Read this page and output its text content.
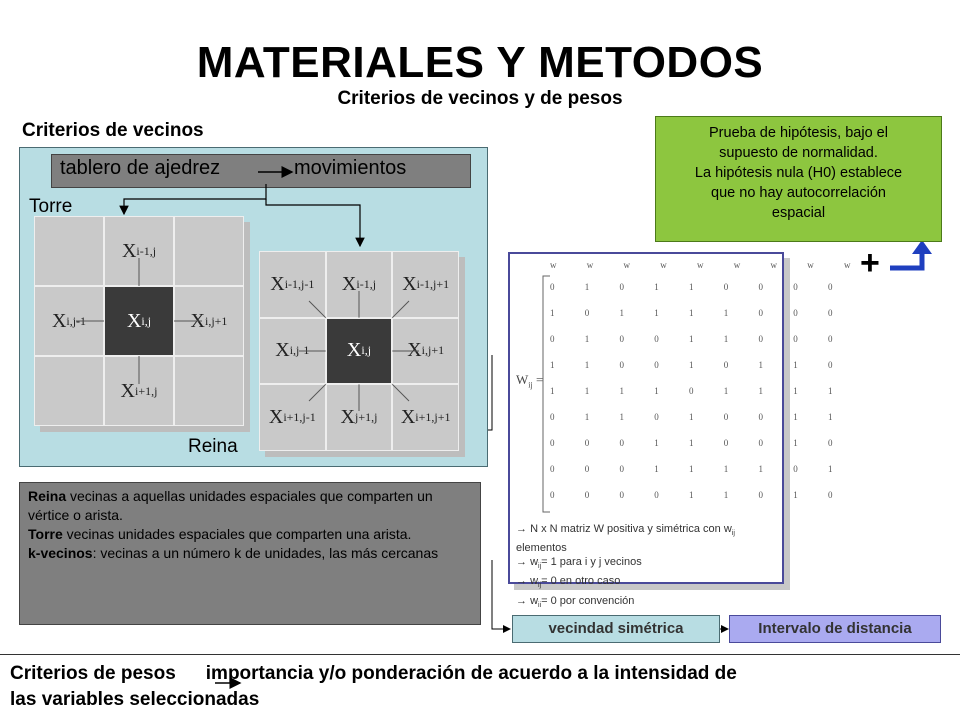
MATERIALES Y METODOS
Criterios de vecinos y de pesos
Criterios de vecinos
tablero de ajedrez	movimientos
X i-1,j
X i,j-1 X i,j X i,j+1
X i+1,j
X i-1,j-1 X i-1,j X i-1,j+1
X i,j-1 X i,j X i,j+1
X i+1,j-1 X j+1,j X i+1,j+1
Torre
Reina
Prueba de hipótesis, bajo el
supuesto de normalidad.
La hipótesis nula (H0) establece
que no hay autocorrelación
espacial
+
w w w w w w w w w
0 1 0 1 1 0 0 0 0
1 0 1 1 1 1 0 0 0
0 1 0 0 1 1 0 0 0
1 1 0 0 1 0 1 1 0
1 1 1 1 0 1 1 1 1
0 1 1 0 1 0 0 1 1
0 0 0 1 1 0 0 1 0
0 0 0 1 1 1 1 0 1
0 0 0 0 1 1 0 1 0
$W_{ij}$ =
→ N x N matriz W positiva y simétrica con $w_{ij}$ elementos
→ $w_{ij}= 1$ para i y j vecinos
→ $w_{ij}= 0$ en otro caso
→ $w_{ii}= 0$ por convención
Reina vecinas a aquellas unidades espaciales que comparten un vértice o arista.
Torre vecinas unidades espaciales que comparten una arista.
k-vecinos: vecinas a un número k de unidades, las más cercanas
vecindad simétrica	Intervalo de distancia
Criterios de pesos importancia y/o ponderación de acuerdo a la intensidad de
las variables seleccionadas
